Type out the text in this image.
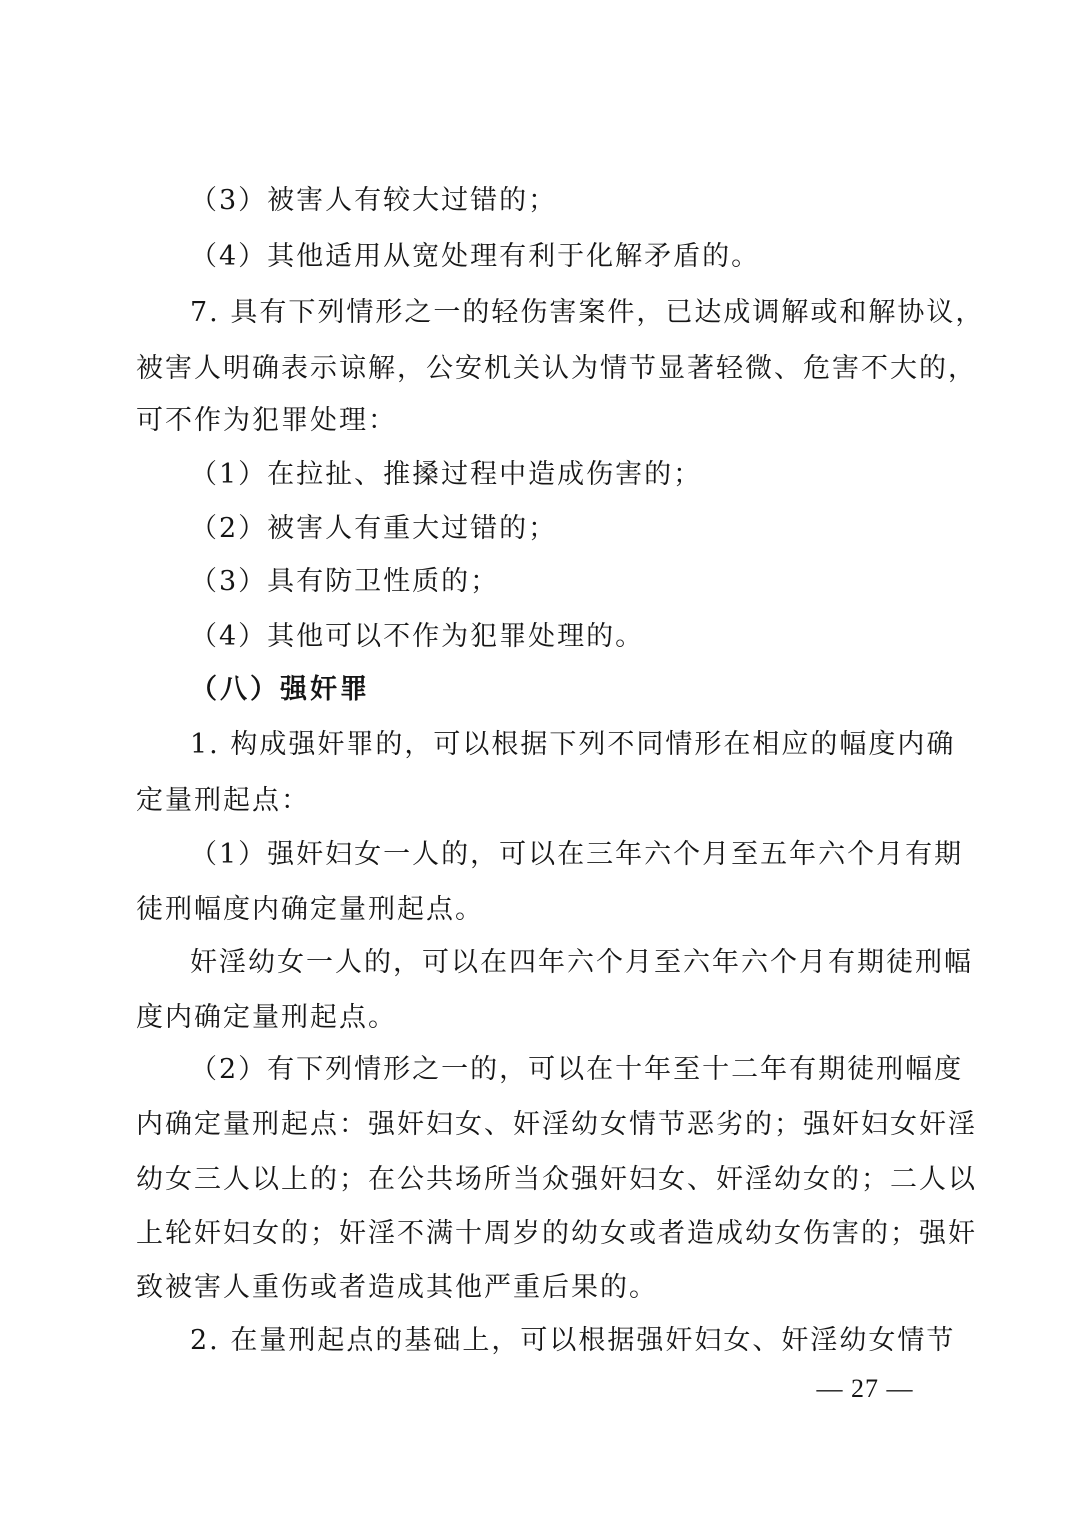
（3）被害人有较大过错的；
（4）其他适用从宽处理有利于化解矛盾的。
7. 具有下列情形之一的轻伤害案件，已达成调解或和解协议，
被害人明确表示谅解，公安机关认为情节显著轻微、危害不大的，
可不作为犯罪处理：
（1）在拉扯、推搡过程中造成伤害的；
（2）被害人有重大过错的；
（3）具有防卫性质的；
（4）其他可以不作为犯罪处理的。
（八）强奸罪
1. 构成强奸罪的，可以根据下列不同情形在相应的幅度内确
定量刑起点：
（1）强奸妇女一人的，可以在三年六个月至五年六个月有期
徒刑幅度内确定量刑起点。
奸淫幼女一人的，可以在四年六个月至六年六个月有期徒刑幅
度内确定量刑起点。
（2）有下列情形之一的，可以在十年至十二年有期徒刑幅度
内确定量刑起点：强奸妇女、奸淫幼女情节恶劣的；强奸妇女奸淫
幼女三人以上的；在公共场所当众强奸妇女、奸淫幼女的；二人以
上轮奸妇女的；奸淫不满十周岁的幼女或者造成幼女伤害的；强奸
致被害人重伤或者造成其他严重后果的。
2. 在量刑起点的基础上，可以根据强奸妇女、奸淫幼女情节
— 27 —
